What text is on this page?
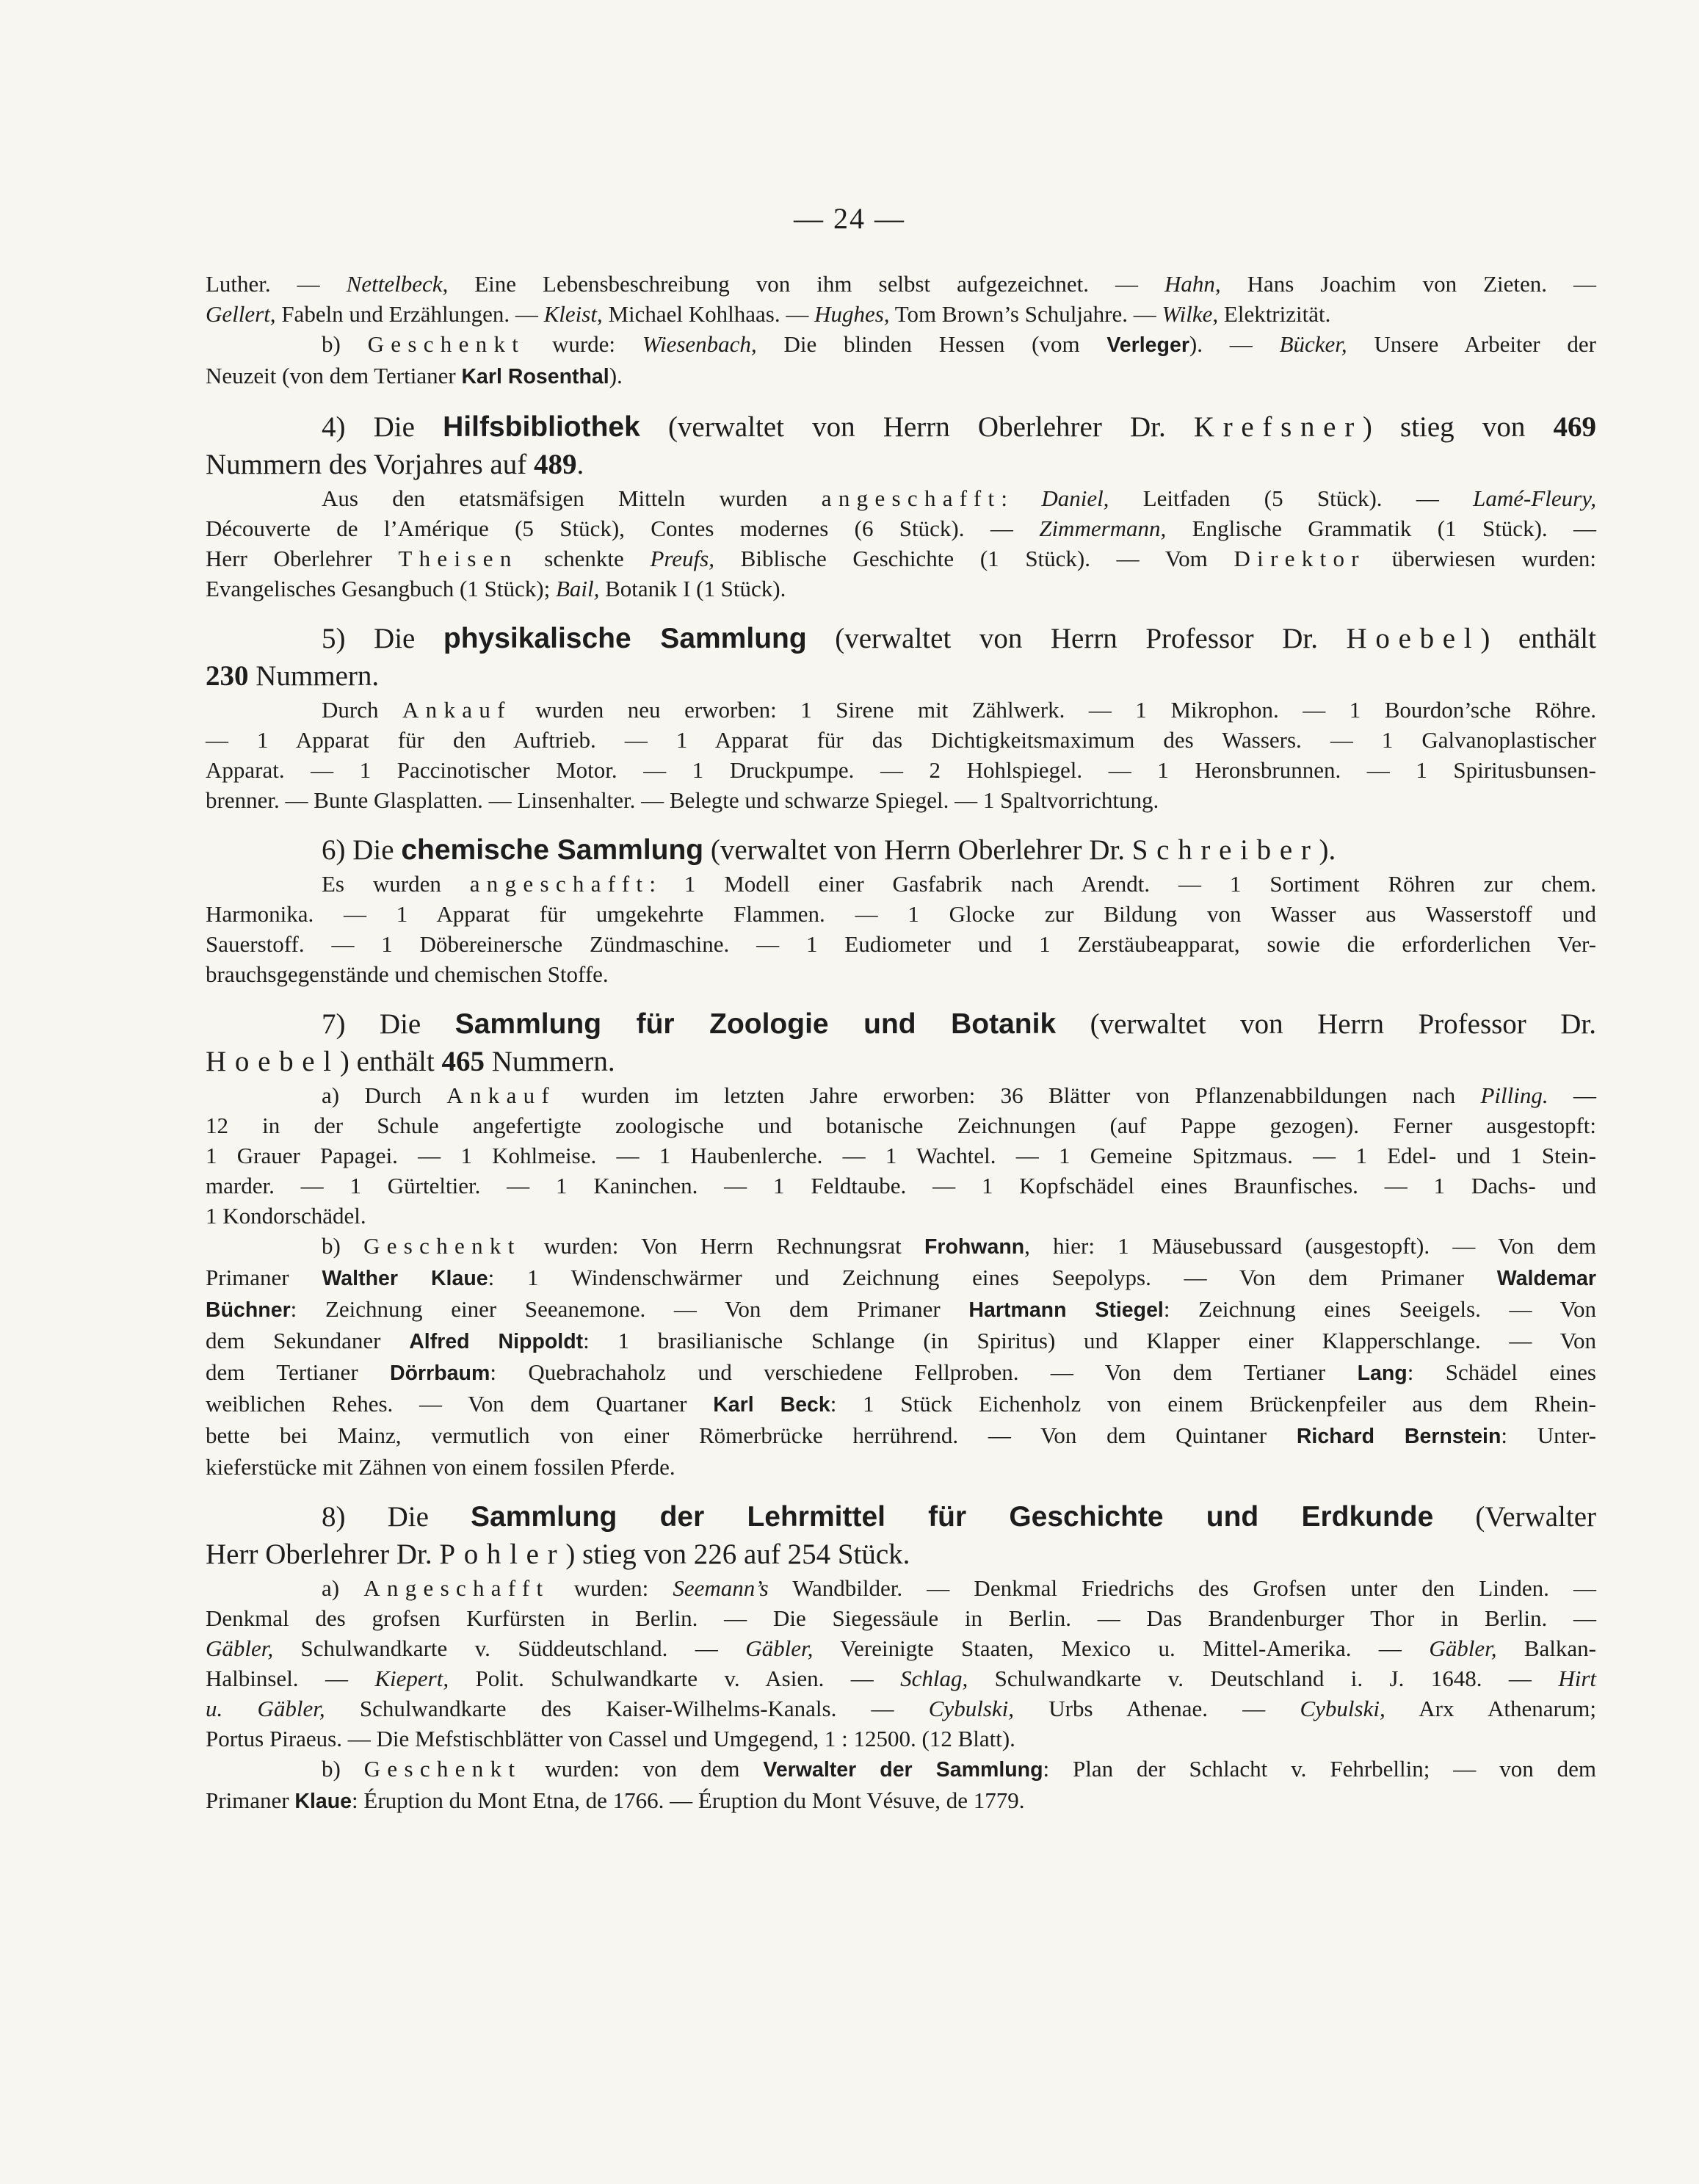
— 24 —

Luther. — Nettelbeck, Eine Lebensbeschreibung von ihm selbst aufgezeichnet. — Hahn, Hans Joachim von Zieten. —

Gellert, Fabeln und Erzählungen. — Kleist, Michael Kohlhaas. — Hughes, Tom Brown’s Schuljahre. — Wilke, Elektrizität.

b) Geschenkt wurde: Wiesenbach, Die blinden Hessen (vom Verleger). — Bücker, Unsere Arbeiter der

Neuzeit (von dem Tertianer Karl Rosenthal).

4) Die Hilfsbibliothek (verwaltet von Herrn Oberlehrer Dr. Krefsner) stieg von 469

Nummern des Vorjahres auf 489.

Aus den etatsmäfsigen Mitteln wurden angeschafft: Daniel, Leitfaden (5 Stück). — Lamé-Fleury,

Découverte de l’Amérique (5 Stück), Contes modernes (6 Stück). — Zimmermann, Englische Grammatik (1 Stück). —

Herr Oberlehrer Theisen schenkte Preufs, Biblische Geschichte (1 Stück). — Vom Direktor überwiesen wurden:

Evangelisches Gesangbuch (1 Stück); Bail, Botanik I (1 Stück).

5) Die physikalische Sammlung (verwaltet von Herrn Professor Dr. Hoebel) enthält

230 Nummern.

Durch Ankauf wurden neu erworben: 1 Sirene mit Zählwerk. — 1 Mikrophon. — 1 Bourdon’sche Röhre.

— 1 Apparat für den Auftrieb. — 1 Apparat für das Dichtigkeitsmaximum des Wassers. — 1 Galvanoplastischer

Apparat. — 1 Paccinotischer Motor. — 1 Druckpumpe. — 2 Hohlspiegel. — 1 Heronsbrunnen. — 1 Spiritusbunsen-

brenner. — Bunte Glasplatten. — Linsenhalter. — Belegte und schwarze Spiegel. — 1 Spaltvorrichtung.

6) Die chemische Sammlung (verwaltet von Herrn Oberlehrer Dr. Schreiber).

Es wurden angeschafft: 1 Modell einer Gasfabrik nach Arendt. — 1 Sortiment Röhren zur chem.

Harmonika. — 1 Apparat für umgekehrte Flammen. — 1 Glocke zur Bildung von Wasser aus Wasserstoff und

Sauerstoff. — 1 Döbereinersche Zündmaschine. — 1 Eudiometer und 1 Zerstäubeapparat, sowie die erforderlichen Ver-

brauchsgegenstände und chemischen Stoffe.

7) Die Sammlung für Zoologie und Botanik (verwaltet von Herrn Professor Dr.

Hoebel) enthält 465 Nummern.

a) Durch Ankauf wurden im letzten Jahre erworben: 36 Blätter von Pflanzenabbildungen nach Pilling. —

12 in der Schule angefertigte zoologische und botanische Zeichnungen (auf Pappe gezogen). Ferner ausgestopft:

1 Grauer Papagei. — 1 Kohlmeise. — 1 Haubenlerche. — 1 Wachtel. — 1 Gemeine Spitzmaus. — 1 Edel- und 1 Stein-

marder. — 1 Gürteltier. — 1 Kaninchen. — 1 Feldtaube. — 1 Kopfschädel eines Braunfisches. — 1 Dachs- und

1 Kondorschädel.

b) Geschenkt wurden: Von Herrn Rechnungsrat Frohwann, hier: 1 Mäusebussard (ausgestopft). — Von dem

Primaner Walther Klaue: 1 Windenschwärmer und Zeichnung eines Seepolyps. — Von dem Primaner Waldemar

Büchner: Zeichnung einer Seeanemone. — Von dem Primaner Hartmann Stiegel: Zeichnung eines Seeigels. — Von

dem Sekundaner Alfred Nippoldt: 1 brasilianische Schlange (in Spiritus) und Klapper einer Klapperschlange. — Von

dem Tertianer Dörrbaum: Quebrachaholz und verschiedene Fellproben. — Von dem Tertianer Lang: Schädel eines

weiblichen Rehes. — Von dem Quartaner Karl Beck: 1 Stück Eichenholz von einem Brückenpfeiler aus dem Rhein-

bette bei Mainz, vermutlich von einer Römerbrücke herrührend. — Von dem Quintaner Richard Bernstein: Unter-

kieferstücke mit Zähnen von einem fossilen Pferde.

8) Die Sammlung der Lehrmittel für Geschichte und Erdkunde (Verwalter

Herr Oberlehrer Dr. Pohler) stieg von 226 auf 254 Stück.

a) Angeschafft wurden: Seemann’s Wandbilder. — Denkmal Friedrichs des Grofsen unter den Linden. —

Denkmal des grofsen Kurfürsten in Berlin. — Die Siegessäule in Berlin. — Das Brandenburger Thor in Berlin. —

Gäbler, Schulwandkarte v. Süddeutschland. — Gäbler, Vereinigte Staaten, Mexico u. Mittel-Amerika. — Gäbler, Balkan-

Halbinsel. — Kiepert, Polit. Schulwandkarte v. Asien. — Schlag, Schulwandkarte v. Deutschland i. J. 1648. — Hirt

u. Gäbler, Schulwandkarte des Kaiser-Wilhelms-Kanals. — Cybulski, Urbs Athenae. — Cybulski, Arx Athenarum;

Portus Piraeus. — Die Mefstischblätter von Cassel und Umgegend, 1 : 12500. (12 Blatt).

b) Geschenkt wurden: von dem Verwalter der Sammlung: Plan der Schlacht v. Fehrbellin; — von dem

Primaner Klaue: Éruption du Mont Etna, de 1766. — Éruption du Mont Vésuve, de 1779.
